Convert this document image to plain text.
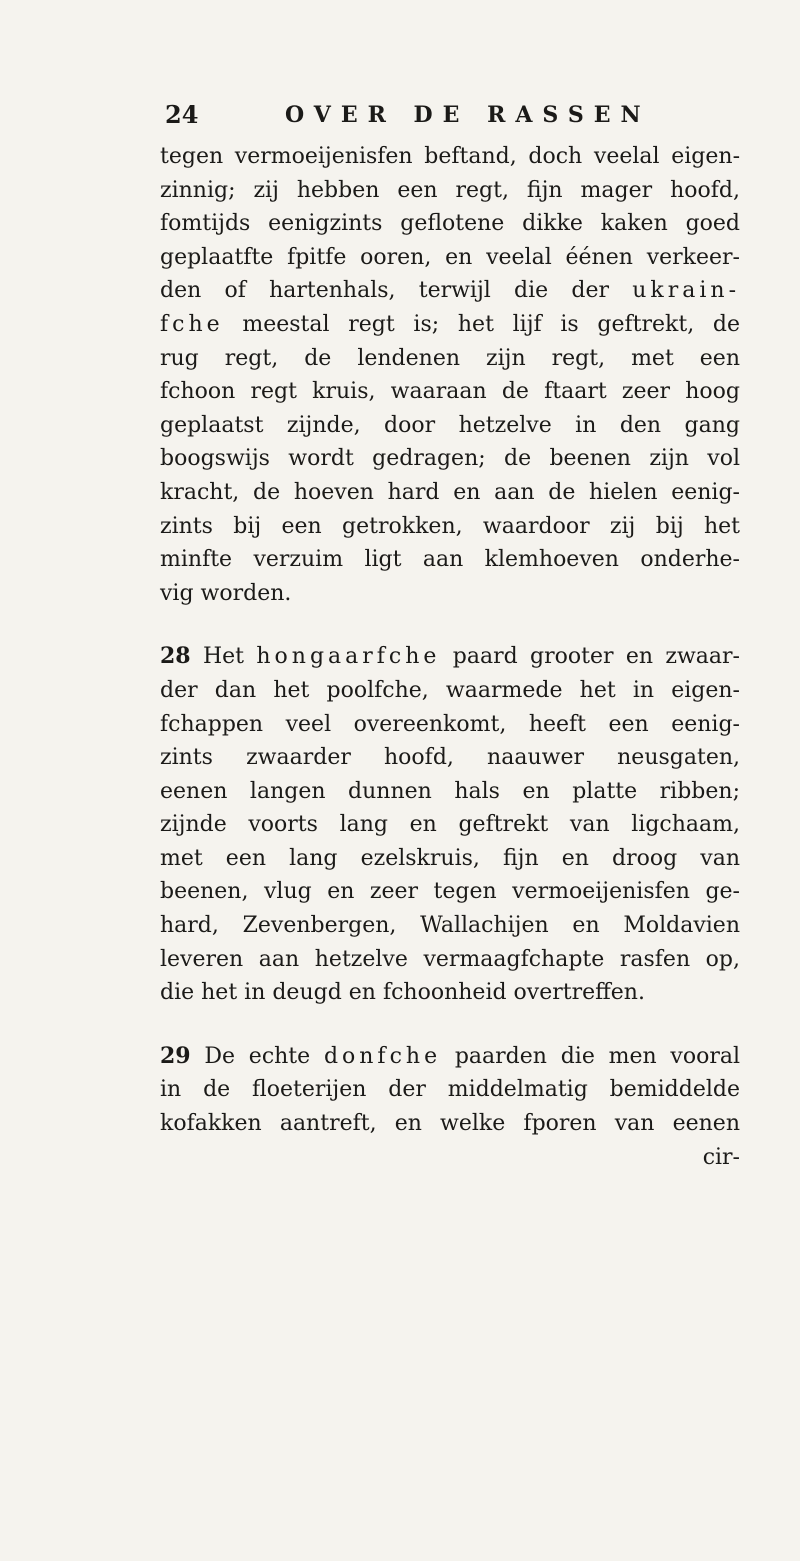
24	OVER DE RASSEN
tegen vermoeijenisfen beftand, doch veelal eigen-
zinnig; zij hebben een regt, fijn mager hoofd,
fomtijds eenigzints geflotene dikke kaken goed
geplaatfte fpitfe ooren, en veelal éénen verkeer-
den of hartenhals, terwijl die der ukrain-
fche meestal regt is; het lijf is geftrekt, de
rug regt, de lendenen zijn regt, met een
fchoon regt kruis, waaraan de ftaart zeer hoog
geplaatst zijnde, door hetzelve in den gang
boogswijs wordt gedragen; de beenen zijn vol
kracht, de hoeven hard en aan de hielen eenig-
zints bij een getrokken, waardoor zij bij het
minfte verzuim ligt aan klemhoeven onderhe-
vig worden.
28 Het hongaarfche paard grooter en zwaar-
der dan het poolfche, waarmede het in eigen-
fchappen veel overeenkomt, heeft een eenig-
zints zwaarder hoofd, naauwer neusgaten,
eenen langen dunnen hals en platte ribben;
zijnde voorts lang en geftrekt van ligchaam,
met een lang ezelskruis, fijn en droog van
beenen, vlug en zeer tegen vermoeijenisfen ge-
hard, Zevenbergen, Wallachijen en Moldavien
leveren aan hetzelve vermaagfchapte rasfen op,
die het in deugd en fchoonheid overtreffen.
29 De echte donfche paarden die men vooral
in de floeterijen der middelmatig bemiddelde
kofakken aantreft, en welke fporen van eenen
cir-
